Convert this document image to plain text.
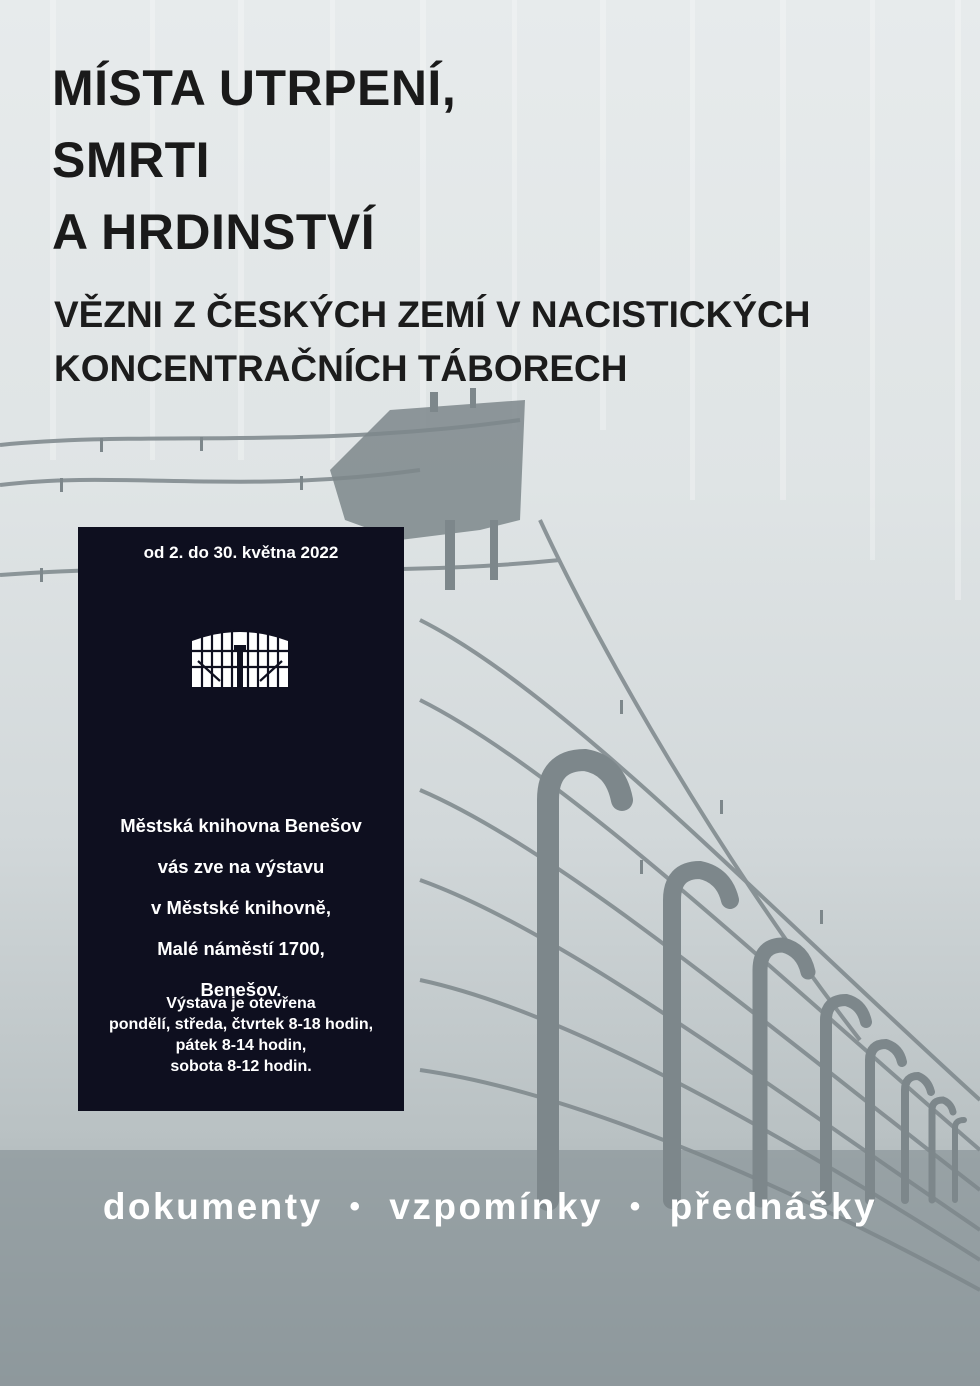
MÍSTA UTRPENÍ,
SMRTI
A HRDINSTVÍ
VĚZNI Z ČESKÝCH ZEMÍ V NACISTICKÝCH
KONCENTRAČNÍCH TÁBORECH
od 2. do 30. května 2022
Městská knihovna Benešov
vás zve na výstavu
v Městské knihovně,
Malé náměstí 1700,
Benešov.
Výstava je otevřena
pondělí, středa, čtvrtek 8-18 hodin,
pátek 8-14 hodin,
sobota 8-12 hodin.
dokumenty • vzpomínky • přednášky
